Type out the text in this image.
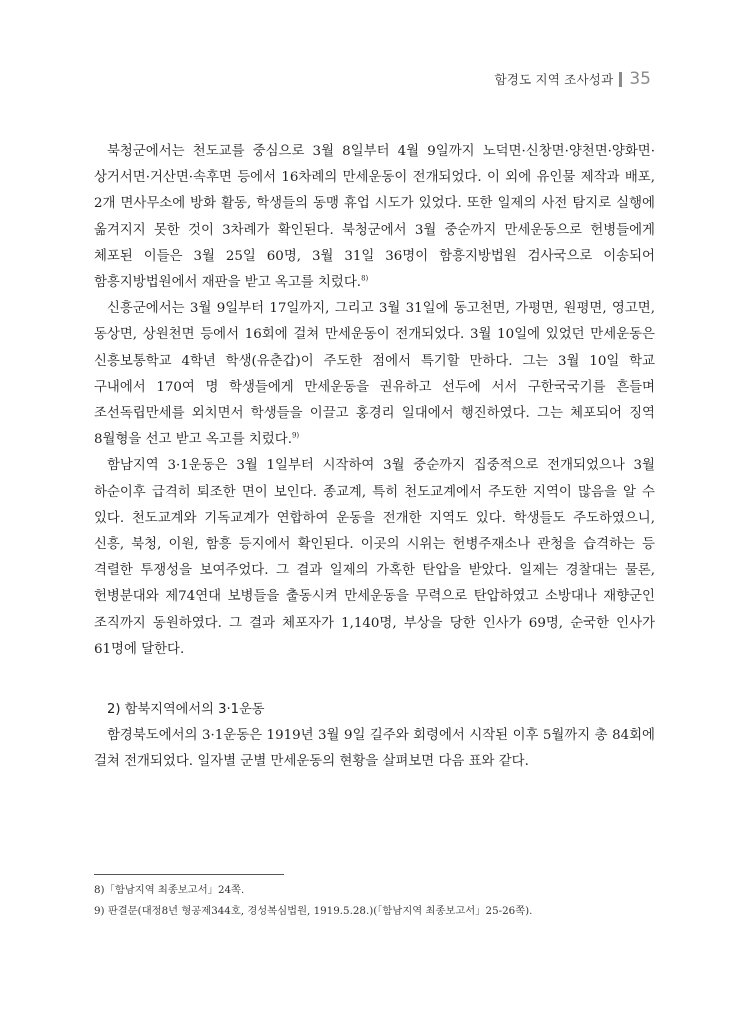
함경도 지역 조사성과 35

북청군에서는 천도교를 중심으로 3월 8일부터 4월 9일까지 노덕면·신창면·양천면·양화면·상거서면·거산면·속후면 등에서 16차례의 만세운동이 전개되었다. 이 외에 유인물 제작과 배포, 2개 면사무소에 방화 활동, 학생들의 동맹 휴업 시도가 있었다. 또한 일제의 사전 탐지로 실행에 옮겨지지 못한 것이 3차례가 확인된다. 북청군에서 3월 중순까지 만세운동으로 헌병들에게 체포된 이들은 3월 25일 60명, 3월 31일 36명이 함흥지방법원 검사국으로 이송되어 함흥지방법원에서 재판을 받고 옥고를 치렀다.$^{8)}$

신흥군에서는 3월 9일부터 17일까지, 그리고 3월 31일에 동고천면, 가평면, 원평면, 영고면, 동상면, 상원천면 등에서 16회에 걸쳐 만세운동이 전개되었다. 3월 10일에 있었던 만세운동은 신흥보통학교 4학년 학생(유춘갑)이 주도한 점에서 특기할 만하다. 그는 3월 10일 학교 구내에서 170여 명 학생들에게 만세운동을 권유하고 선두에 서서 구한국국기를 흔들며 조선독립만세를 외치면서 학생들을 이끌고 홍경리 일대에서 행진하였다. 그는 체포되어 징역 8월형을 선고 받고 옥고를 치렀다.$^{9)}$

함남지역 3·1운동은 3월 1일부터 시작하여 3월 중순까지 집중적으로 전개되었으나 3월 하순이후 급격히 퇴조한 면이 보인다. 종교계, 특히 천도교계에서 주도한 지역이 많음을 알 수 있다. 천도교계와 기독교계가 연합하여 운동을 전개한 지역도 있다. 학생들도 주도하였으니, 신흥, 북청, 이원, 함흥 등지에서 확인된다. 이곳의 시위는 헌병주재소나 관청을 습격하는 등 격렬한 투쟁성을 보여주었다. 그 결과 일제의 가혹한 탄압을 받았다. 일제는 경찰대는 물론, 헌병분대와 제74연대 보병들을 출동시켜 만세운동을 무력으로 탄압하였고 소방대나 재향군인 조직까지 동원하였다. 그 결과 체포자가 1,140명, 부상을 당한 인사가 69명, 순국한 인사가 61명에 달한다.

2) 함북지역에서의 3·1운동

함경북도에서의 3·1운동은 1919년 3월 9일 길주와 회령에서 시작된 이후 5월까지 총 84회에 걸쳐 전개되었다. 일자별 군별 만세운동의 현황을 살펴보면 다음 표와 같다.

8)「함남지역 최종보고서」24쪽.

9) 판결문(대정8년 형공제344호, 경성복심법원, 1919.5.28.)(「함남지역 최종보고서」25-26쪽).
